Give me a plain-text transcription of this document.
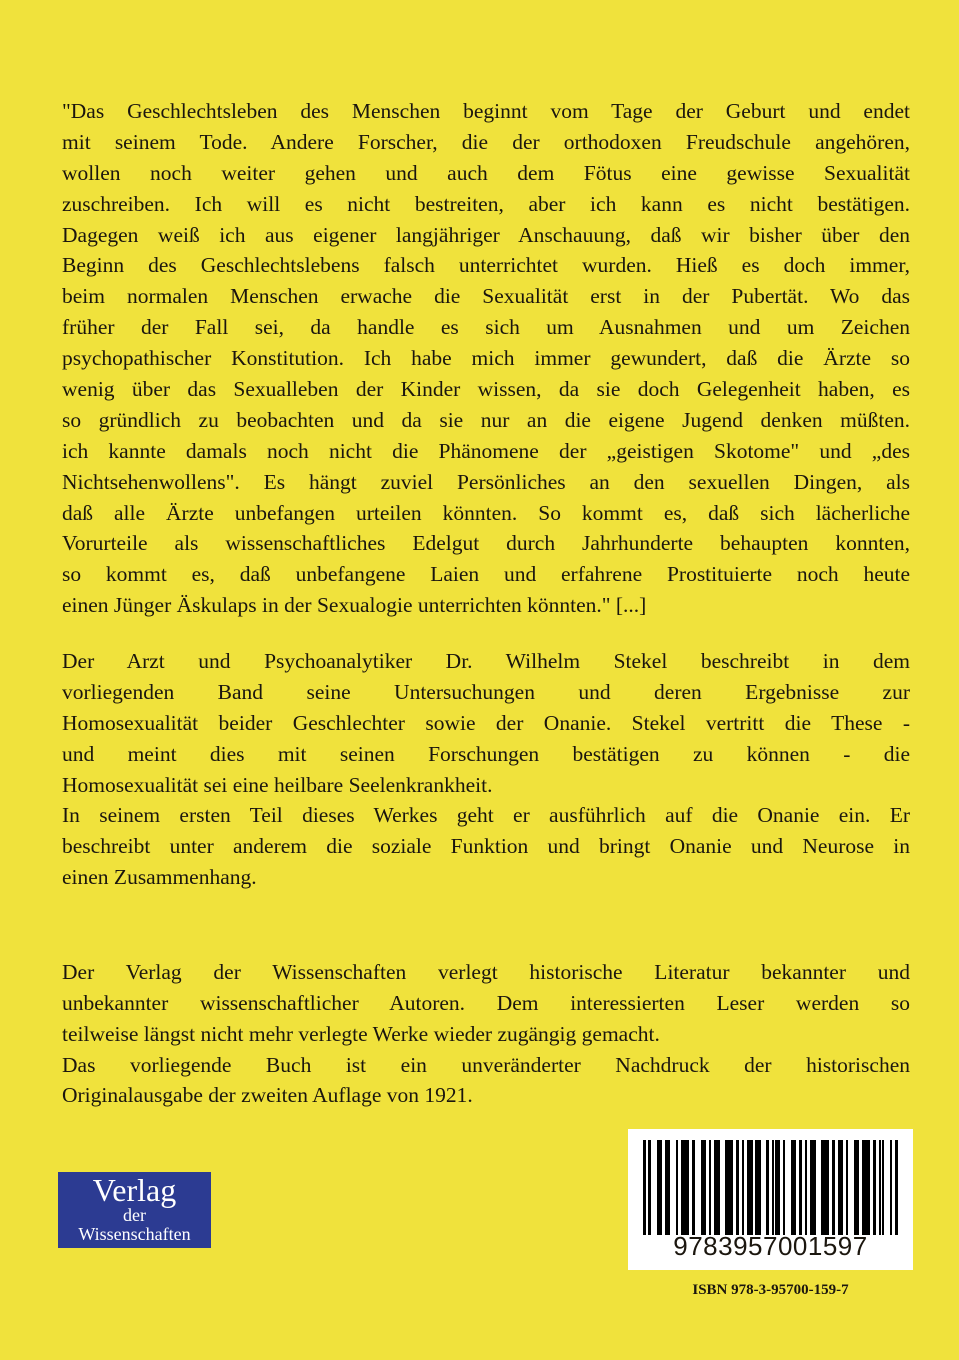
"Das Geschlechtsleben des Menschen beginnt vom Tage der Geburt und endet
mit seinem Tode. Andere Forscher, die der orthodoxen Freudschule angehören,
wollen noch weiter gehen und auch dem Fötus eine gewisse Sexualität
zuschreiben. Ich will es nicht bestreiten, aber ich kann es nicht bestätigen.
Dagegen weiß ich aus eigener langjähriger Anschauung, daß wir bisher über den
Beginn des Geschlechtslebens falsch unterrichtet wurden. Hieß es doch immer,
beim normalen Menschen erwache die Sexualität erst in der Pubertät. Wo das
früher der Fall sei, da handle es sich um Ausnahmen und um Zeichen
psychopathischer Konstitution. Ich habe mich immer gewundert, daß die Ärzte so
wenig über das Sexualleben der Kinder wissen, da sie doch Gelegenheit haben, es
so gründlich zu beobachten und da sie nur an die eigene Jugend denken müßten.
ich kannte damals noch nicht die Phänomene der „geistigen Skotome" und „des
Nichtsehenwollens". Es hängt zuviel Persönliches an den sexuellen Dingen, als
daß alle Ärzte unbefangen urteilen könnten. So kommt es, daß sich lächerliche
Vorurteile als wissenschaftliches Edelgut durch Jahrhunderte behaupten konnten,
so kommt es, daß unbefangene Laien und erfahrene Prostituierte noch heute
einen Jünger Äskulaps in der Sexualogie unterrichten könnten." [...]
Der Arzt und Psychoanalytiker Dr. Wilhelm Stekel beschreibt in dem
vorliegenden Band seine Untersuchungen und deren Ergebnisse zur
Homosexualität beider Geschlechter sowie der Onanie. Stekel vertritt die These -
und meint dies mit seinen Forschungen bestätigen zu können - die
Homosexualität sei eine heilbare Seelenkrankheit.
In seinem ersten Teil dieses Werkes geht er ausführlich auf die Onanie ein. Er
beschreibt unter anderem die soziale Funktion und bringt Onanie und Neurose in
einen Zusammenhang.
Der Verlag der Wissenschaften verlegt historische Literatur bekannter und
unbekannter wissenschaftlicher Autoren. Dem interessierten Leser werden so
teilweise längst nicht mehr verlegte Werke wieder zugängig gemacht.
Das vorliegende Buch ist ein unveränderter Nachdruck der historischen
Originalausgabe der zweiten Auflage von 1921.
Verlag
der
Wissenschaften	9783957001597
ISBN 978-3-95700-159-7
